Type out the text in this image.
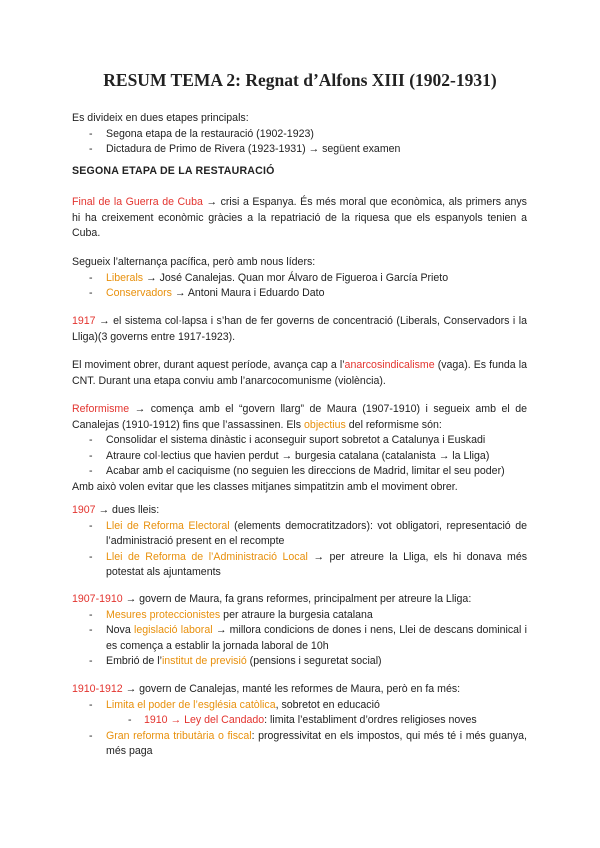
RESUM TEMA 2: Regnat d’Alfons XIII (1902-1931)

Es divideix en dues etapes principals:

- Segona etapa de la restauració (1902-1923)
- Dictadura de Primo de Rivera (1923-1931) → següent examen
SEGONA ETAPA DE LA RESTAURACIÓ
Final de la Guerra de Cuba → crisi a Espanya. És més moral que econòmica, als primers anys hi ha creixement econòmic gràcies a la repatriació de la riquesa que els espanyols tenien a Cuba.

Segueix l’alternança pacífica, però amb nous líders:

- Liberals → José Canalejas. Quan mor Álvaro de Figueroa i García Prieto
- Conservadors → Antoni Maura i Eduardo Dato
1917 → el sistema col·lapsa i s’han de fer governs de concentració (Liberals, Conservadors i la Lliga)(3 governs entre 1917-1923).
El moviment obrer, durant aquest període, avança cap a l’anarcosindicalisme (vaga). Es funda la CNT. Durant una etapa conviu amb l’anarcocomunisme (violència).

Reformisme → comença amb el “govern llarg” de Maura (1907-1910) i segueix amb el de Canalejas (1910-1912) fins que l’assassinen. Els objectius del reformisme són:

- Consolidar el sistema dinàstic i aconseguir suport sobretot a Catalunya i Euskadi
- Atraure col·lectius que havien perdut → burgesia catalana (catalanista → la Lliga)
- Acabar amb el caciquisme (no seguien les direccions de Madrid, limitar el seu poder)

Amb això volen evitar que les classes mitjanes simpatitzin amb el moviment obrer.

1907 → dues lleis:

- Llei de Reforma Electoral (elements democratitzadors): vot obligatori, representació de l’administració present en el recompte
- Llei de Reforma de l’Administració Local → per atreure la Lliga, els hi donava més potestat als ajuntaments

1907-1910 → govern de Maura, fa grans reformes, principalment per atreure la Lliga:

- Mesures proteccionistes per atraure la burgesia catalana
- Nova legislació laboral → millora condicions de dones i nens, Llei de descans dominical i es comença a establir la jornada laboral de 10h
- Embrió de l’institut de previsió (pensions i seguretat social)

1910-1912 → govern de Canalejas, manté les reformes de Maura, però en fa més:

- Limita el poder de l’església catòlica, sobretot en educació
- 1910 → Ley del Candado: limita l’establiment d’ordres religioses noves
- Gran reforma tributària o fiscal: progressivitat en els impostos, qui més té i més guanya, més paga
